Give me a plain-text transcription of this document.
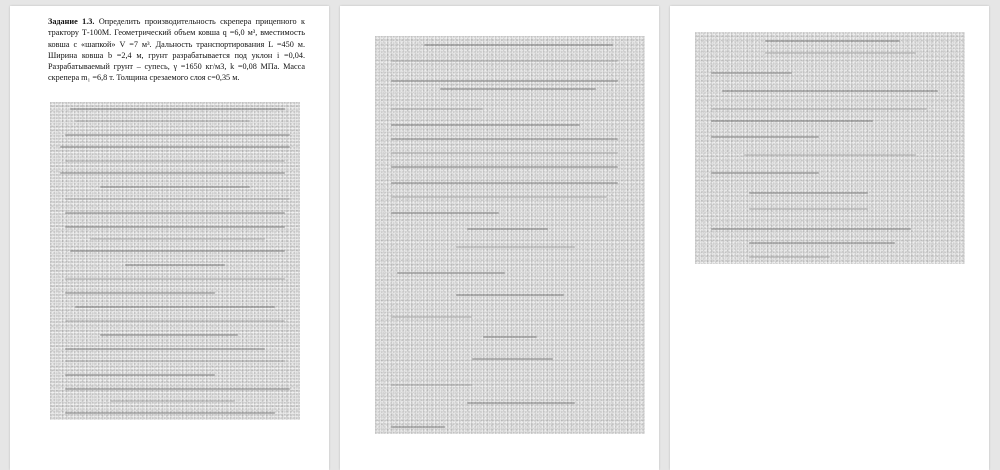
Задание 1.3. Определить производительность скрепера прицепного к трактору Т-100М. Геометрический объем ковша q =6,0 м³, вместимость ковша с «шапкой» V =7 м³. Дальность транспортирования L =450 м. Ширина ковша b =2,4 м, грунт разрабатывается под уклон i =0,04. Разрабатываемый грунт – супесь, γ =1650 кг/м3, k =0,08 МПа. Масса скрепера m₁ =6,8 т. Толщина срезаемого слоя c=0,35 м.
